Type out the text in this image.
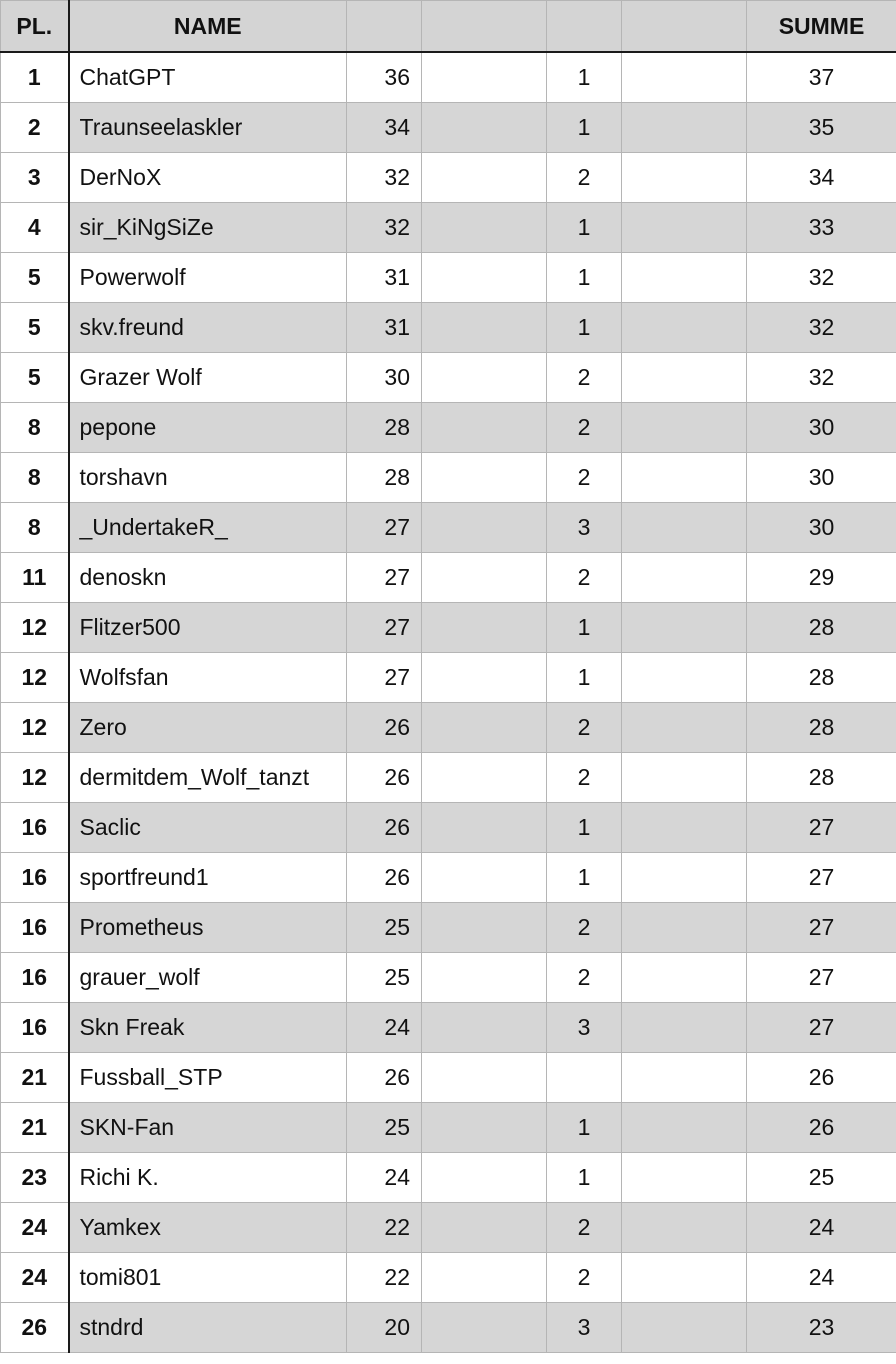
PL.	NAME					SUMME
1	ChatGPT	36		1		37
2	Traunseelaskler	34		1		35
3	DerNoX	32		2		34
4	sir_KiNgSiZe	32		1		33
5	Powerwolf	31		1		32
5	skv.freund	31		1		32
5	Grazer Wolf	30		2		32
8	pepone	28		2		30
8	torshavn	28		2		30
8	_UndertakeR_	27		3		30
11	denoskn	27		2		29
12	Flitzer500	27		1		28
12	Wolfsfan	27		1		28
12	Zero	26		2		28
12	dermitdem_Wolf_tanzt	26		2		28
16	Saclic	26		1		27
16	sportfreund1	26		1		27
16	Prometheus	25		2		27
16	grauer_wolf	25		2		27
16	Skn Freak	24		3		27
21	Fussball_STP	26				26
21	SKN-Fan	25		1		26
23	Richi K.	24		1		25
24	Yamkex	22		2		24
24	tomi801	22		2		24
26	stndrd	20		3		23
